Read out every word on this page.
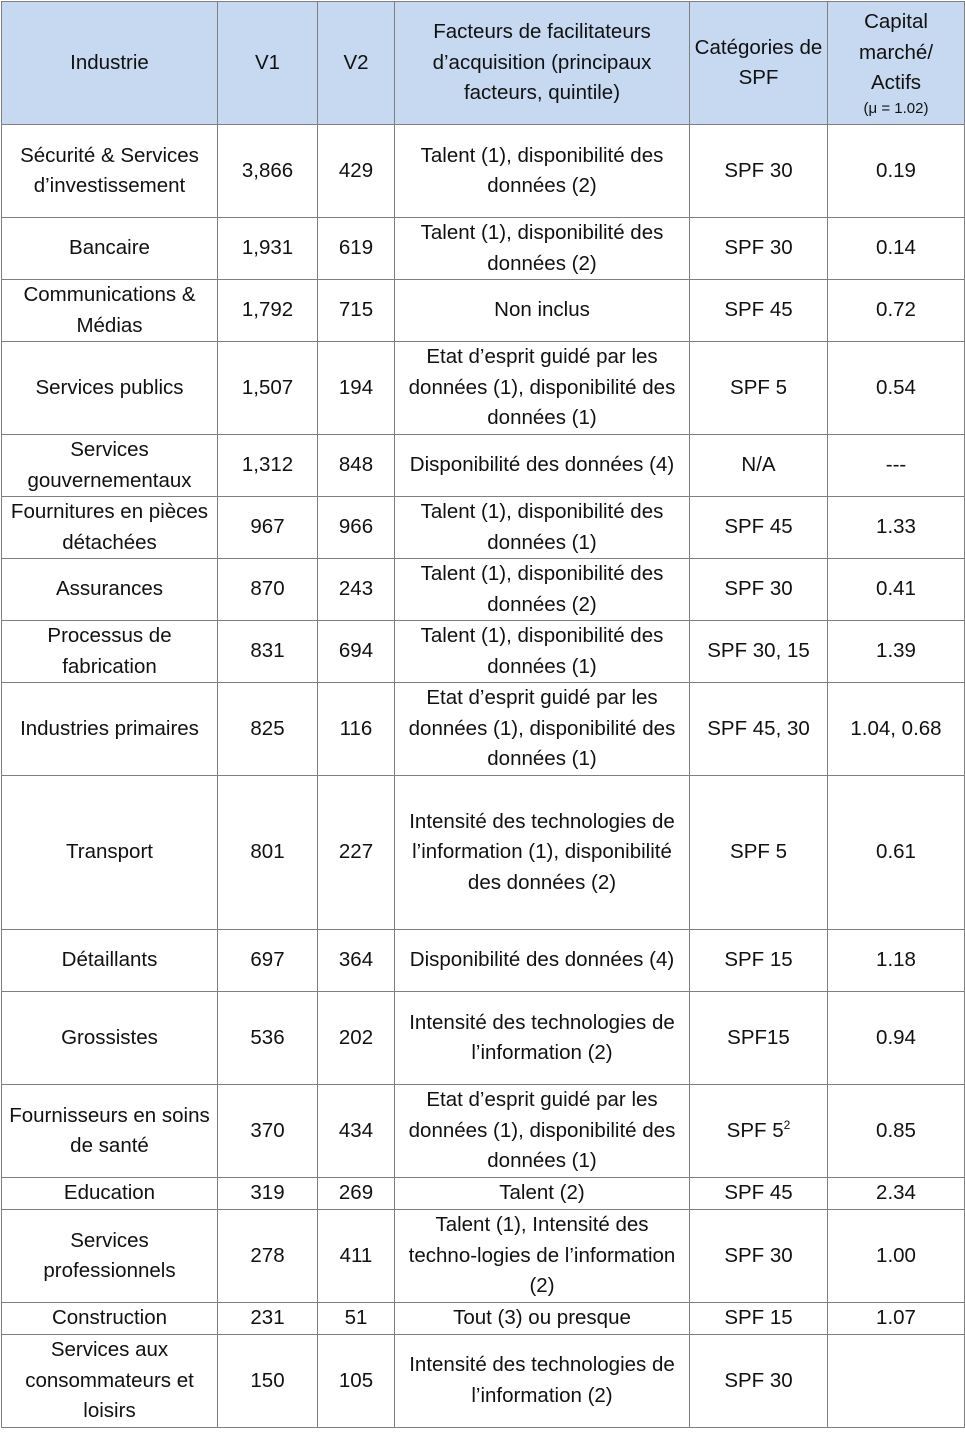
Industrie	V1	V2	Facteurs de facilitateurs d’acquisition (principaux facteurs, quintile)	Catégories de SPF	Capital marché/ Actifs
(μ = 1.02)

Sécurité & Services d’investissement	3,866	429	Talent (1), disponibilité des données (2)	SPF 30	0.19
Bancaire	1,931	619	Talent (1), disponibilité des données (2)	SPF 30	0.14
Communications & Médias	1,792	715	Non inclus	SPF 45	0.72
Services publics	1,507	194	Etat d’esprit guidé par les données (1), disponibilité des données (1)	SPF 5	0.54
Services gouvernementaux	1,312	848	Disponibilité des données (4)	N/A	---
Fournitures en pièces détachées	967	966	Talent (1), disponibilité des données (1)	SPF 45	1.33
Assurances	870	243	Talent (1), disponibilité des données (2)	SPF 30	0.41
Processus de fabrication	831	694	Talent (1), disponibilité des données (1)	SPF 30, 15	1.39
Industries primaires	825	116	Etat d’esprit guidé par les données (1), disponibilité des données (1)	SPF 45, 30	1.04, 0.68
Transport	801	227	Intensité des technologies de l’information (1), disponibilité des données (2)	SPF 5	0.61
Détaillants	697	364	Disponibilité des données (4)	SPF 15	1.18
Grossistes	536	202	Intensité des technologies de l’information (2)	SPF15	0.94
Fournisseurs en soins de santé	370	434	Etat d’esprit guidé par les données (1), disponibilité des données (1)	SPF $5^2$	0.85
Education	319	269	Talent (2)	SPF 45	2.34
Services professionnels	278	411	Talent (1), Intensité des techno-logies de l’information (2)	SPF 30	1.00
Construction	231	51	Tout (3) ou presque	SPF 15	1.07
Services aux consommateurs et loisirs	150	105	Intensité des technologies de l’information (2)	SPF 30	
